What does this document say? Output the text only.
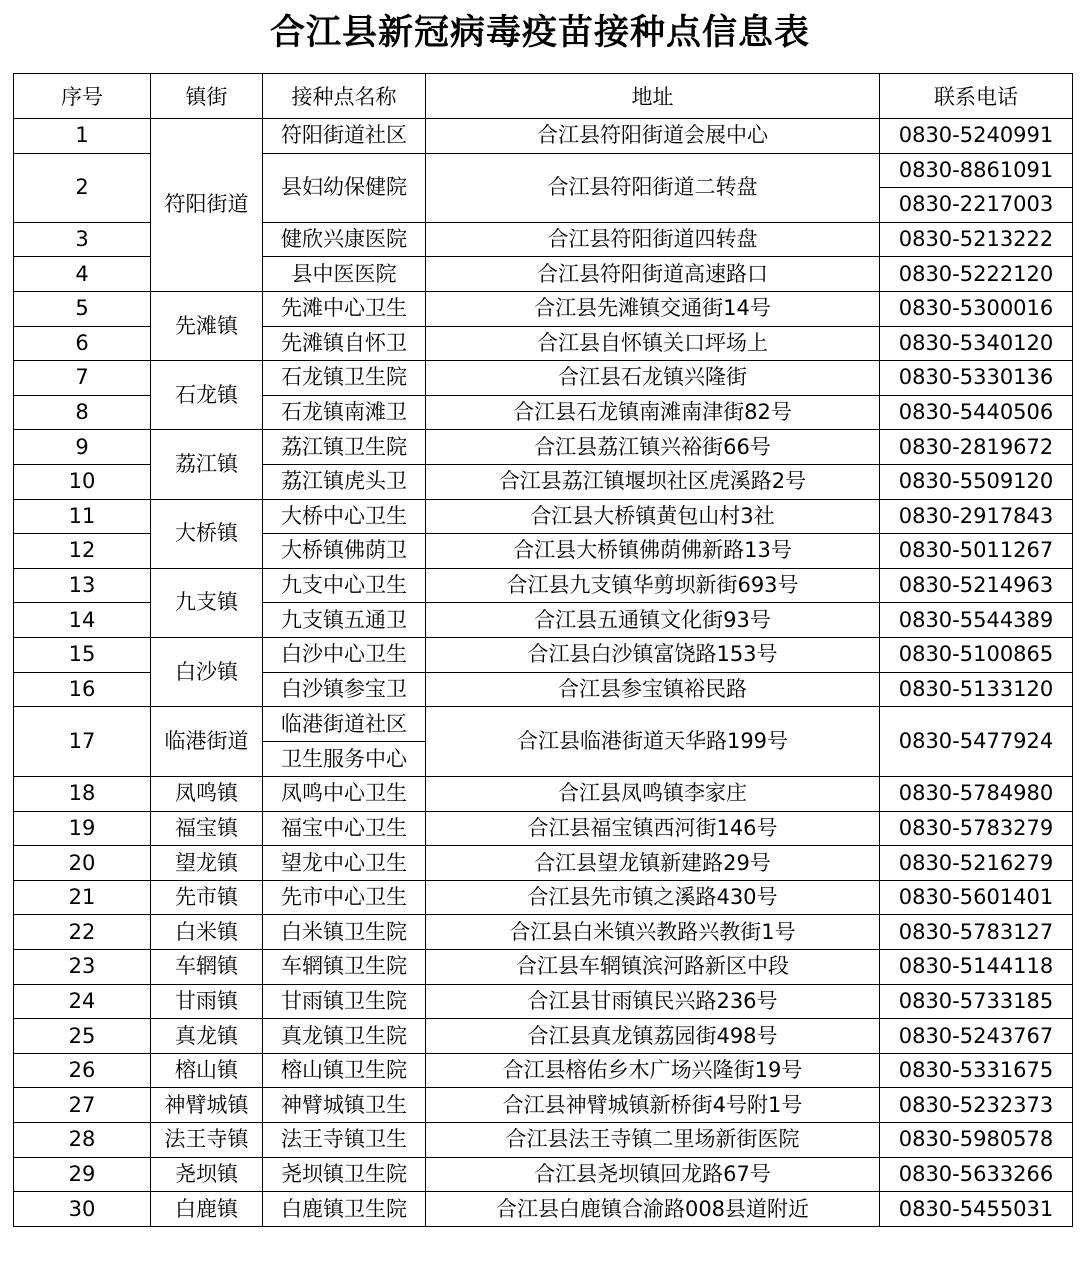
合江县新冠病毒疫苗接种点信息表
序号	镇街	接种点名称	地址	联系电话
1	符阳街道	符阳街道社区	合江县符阳街道会展中心	0830-5240991
2		县妇幼保健院	合江县符阳街道二转盘	0830-8861091
				0830-2217003
3		健欣兴康医院	合江县符阳街道四转盘	0830-5213222
4		县中医医院	合江县符阳街道高速路口	0830-5222120
5	先滩镇	先滩中心卫生	合江县先滩镇交通街14号	0830-5300016
6		先滩镇自怀卫	合江县自怀镇关口坪场上	0830-5340120
7	石龙镇	石龙镇卫生院	合江县石龙镇兴隆街	0830-5330136
8		石龙镇南滩卫	合江县石龙镇南滩南津街82号	0830-5440506
9	荔江镇	荔江镇卫生院	合江县荔江镇兴裕街66号	0830-2819672
10		荔江镇虎头卫	合江县荔江镇堰坝社区虎溪路2号	0830-5509120
11	大桥镇	大桥中心卫生	合江县大桥镇黄包山村3社	0830-2917843
12		大桥镇佛荫卫	合江县大桥镇佛荫佛新路13号	0830-5011267
13	九支镇	九支中心卫生	合江县九支镇华剪坝新街693号	0830-5214963
14		九支镇五通卫	合江县五通镇文化街93号	0830-5544389
15	白沙镇	白沙中心卫生	合江县白沙镇富饶路153号	0830-5100865
16		白沙镇参宝卫	合江县参宝镇裕民路	0830-5133120
17	临港街道	临港街道社区	合江县临港街道天华路199号	0830-5477924
		卫生服务中心		
18	凤鸣镇	凤鸣中心卫生	合江县凤鸣镇李家庄	0830-5784980
19	福宝镇	福宝中心卫生	合江县福宝镇西河街146号	0830-5783279
20	望龙镇	望龙中心卫生	合江县望龙镇新建路29号	0830-5216279
21	先市镇	先市中心卫生	合江县先市镇之溪路430号	0830-5601401
22	白米镇	白米镇卫生院	合江县白米镇兴教路兴教街1号	0830-5783127
23	车辋镇	车辋镇卫生院	合江县车辋镇滨河路新区中段	0830-5144118
24	甘雨镇	甘雨镇卫生院	合江县甘雨镇民兴路236号	0830-5733185
25	真龙镇	真龙镇卫生院	合江县真龙镇荔园街498号	0830-5243767
26	榕山镇	榕山镇卫生院	合江县榕佑乡木广场兴隆街19号	0830-5331675
27	神臂城镇	神臂城镇卫生	合江县神臂城镇新桥街4号附1号	0830-5232373
28	法王寺镇	法王寺镇卫生	合江县法王寺镇二里场新街医院	0830-5980578
29	尧坝镇	尧坝镇卫生院	合江县尧坝镇回龙路67号	0830-5633266
30	白鹿镇	白鹿镇卫生院	合江县白鹿镇合渝路008县道附近	0830-5455031
